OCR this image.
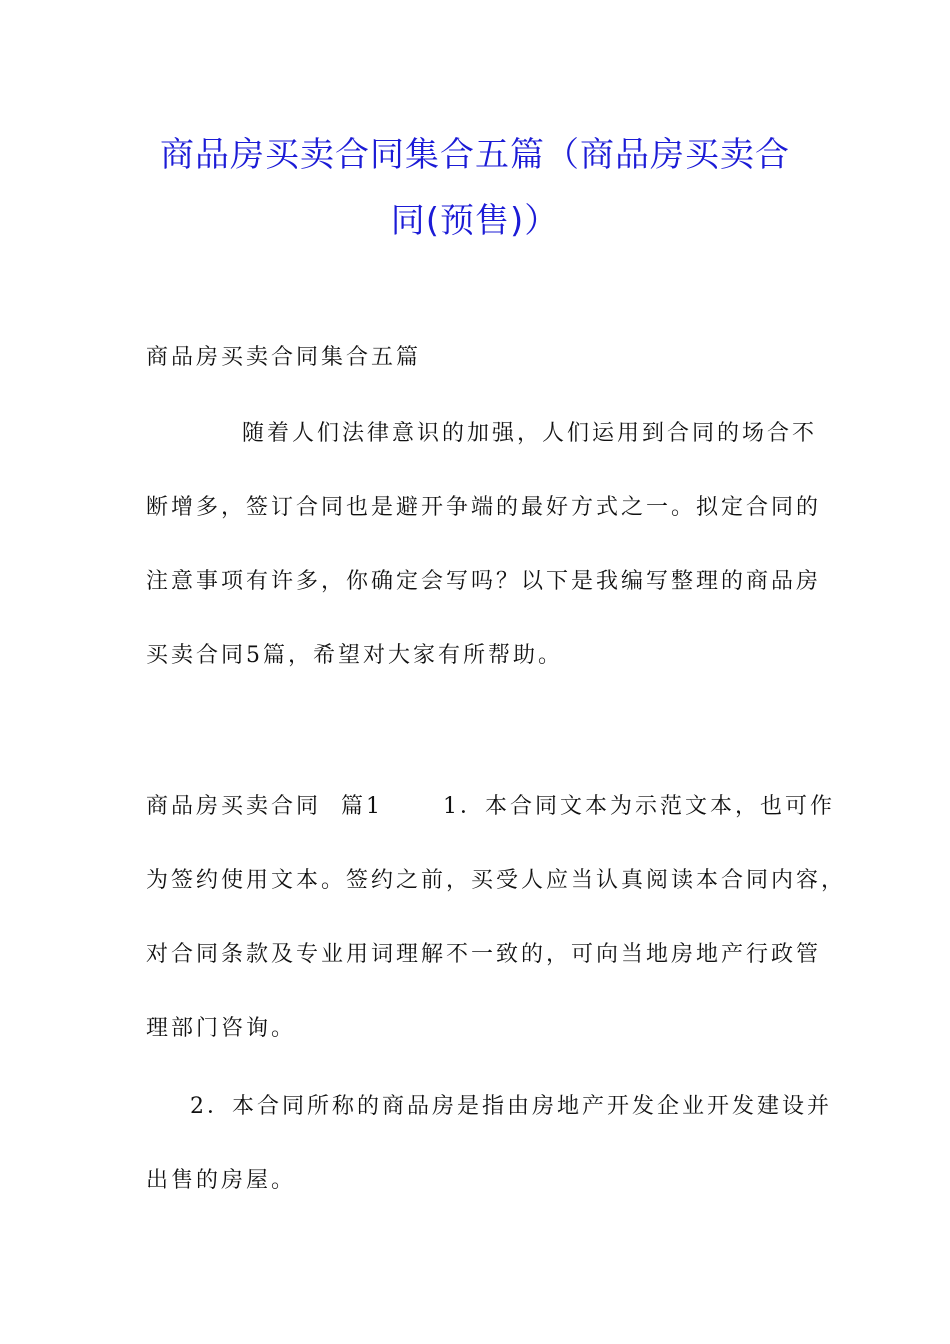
商品房买卖合同集合五篇（商品房买卖合
同(预售)）
商品房买卖合同集合五篇
随着人们法律意识的加强，人们运用到合同的场合不
断增多，签订合同也是避开争端的最好方式之一。拟定合同的
注意事项有许多，你确定会写吗？以下是我编写整理的商品房
买卖合同5篇，希望对大家有所帮助。
商品房买卖合同  篇1      1．本合同文本为示范文本，也可作
为签约使用文本。签约之前，买受人应当认真阅读本合同内容，
对合同条款及专业用词理解不一致的，可向当地房地产行政管
理部门咨询。
2．本合同所称的商品房是指由房地产开发企业开发建设并
出售的房屋。
